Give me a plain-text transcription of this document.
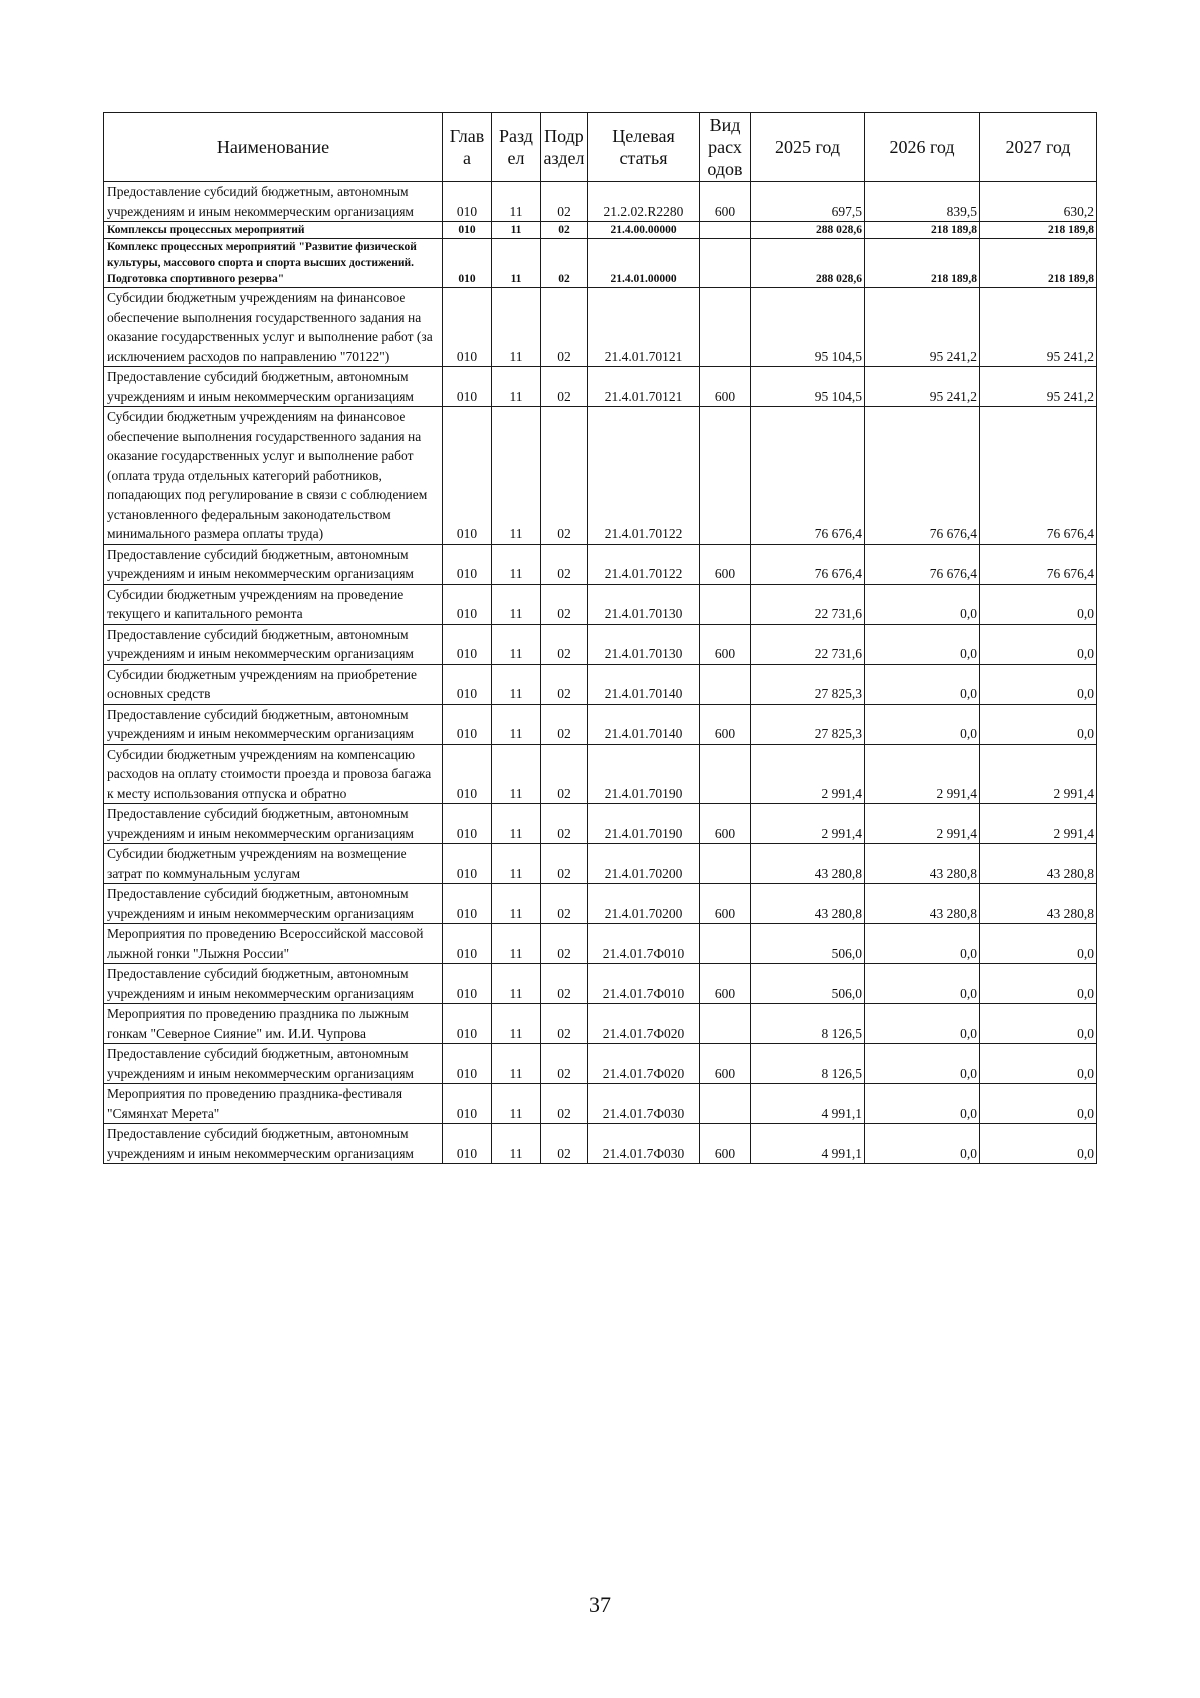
Наименование	Глав а	Разд ел	Подр аздел	Целевая статья	Вид расх одов	2025 год	2026 год	2027 год
Предоставление субсидий бюджетным, автономным учреждениям и иным некоммерческим организациям	010	11	02	21.2.02.R2280	600	697,5	839,5	630,2
Комплексы процессных мероприятий	010	11	02	21.4.00.00000		288 028,6	218 189,8	218 189,8
Комплекс процессных мероприятий "Развитие физической культуры, массового спорта и спорта высших достижений. Подготовка спортивного резерва"	010	11	02	21.4.01.00000		288 028,6	218 189,8	218 189,8
Субсидии бюджетным учреждениям на финансовое обеспечение выполнения государственного задания на оказание государственных услуг и выполнение работ (за исключением расходов по направлению "70122")	010	11	02	21.4.01.70121		95 104,5	95 241,2	95 241,2
Предоставление субсидий бюджетным, автономным учреждениям и иным некоммерческим организациям	010	11	02	21.4.01.70121	600	95 104,5	95 241,2	95 241,2
Субсидии бюджетным учреждениям на финансовое обеспечение выполнения государственного задания на оказание государственных услуг и выполнение работ (оплата труда отдельных категорий работников, попадающих под регулирование в связи с соблюдением установленного федеральным законодательством минимального размера оплаты труда)	010	11	02	21.4.01.70122		76 676,4	76 676,4	76 676,4
Предоставление субсидий бюджетным, автономным учреждениям и иным некоммерческим организациям	010	11	02	21.4.01.70122	600	76 676,4	76 676,4	76 676,4
Субсидии бюджетным учреждениям на проведение текущего и капитального ремонта	010	11	02	21.4.01.70130		22 731,6	0,0	0,0
Предоставление субсидий бюджетным, автономным учреждениям и иным некоммерческим организациям	010	11	02	21.4.01.70130	600	22 731,6	0,0	0,0
Субсидии бюджетным учреждениям на приобретение основных средств	010	11	02	21.4.01.70140		27 825,3	0,0	0,0
Предоставление субсидий бюджетным, автономным учреждениям и иным некоммерческим организациям	010	11	02	21.4.01.70140	600	27 825,3	0,0	0,0
Субсидии бюджетным учреждениям на компенсацию расходов на оплату стоимости проезда и провоза багажа к месту использования отпуска и обратно	010	11	02	21.4.01.70190		2 991,4	2 991,4	2 991,4
Предоставление субсидий бюджетным, автономным учреждениям и иным некоммерческим организациям	010	11	02	21.4.01.70190	600	2 991,4	2 991,4	2 991,4
Субсидии бюджетным учреждениям на возмещение затрат по коммунальным услугам	010	11	02	21.4.01.70200		43 280,8	43 280,8	43 280,8
Предоставление субсидий бюджетным, автономным учреждениям и иным некоммерческим организациям	010	11	02	21.4.01.70200	600	43 280,8	43 280,8	43 280,8
Мероприятия по проведению Всероссийской массовой лыжной гонки "Лыжня России"	010	11	02	21.4.01.7Ф010		506,0	0,0	0,0
Предоставление субсидий бюджетным, автономным учреждениям и иным некоммерческим организациям	010	11	02	21.4.01.7Ф010	600	506,0	0,0	0,0
Мероприятия по проведению праздника по лыжным гонкам "Северное Сияние" им. И.И. Чупрова	010	11	02	21.4.01.7Ф020		8 126,5	0,0	0,0
Предоставление субсидий бюджетным, автономным учреждениям и иным некоммерческим организациям	010	11	02	21.4.01.7Ф020	600	8 126,5	0,0	0,0
Мероприятия по проведению праздника-фестиваля "Сямянхат Мерета"	010	11	02	21.4.01.7Ф030		4 991,1	0,0	0,0
Предоставление субсидий бюджетным, автономным учреждениям и иным некоммерческим организациям	010	11	02	21.4.01.7Ф030	600	4 991,1	0,0	0,0
37
